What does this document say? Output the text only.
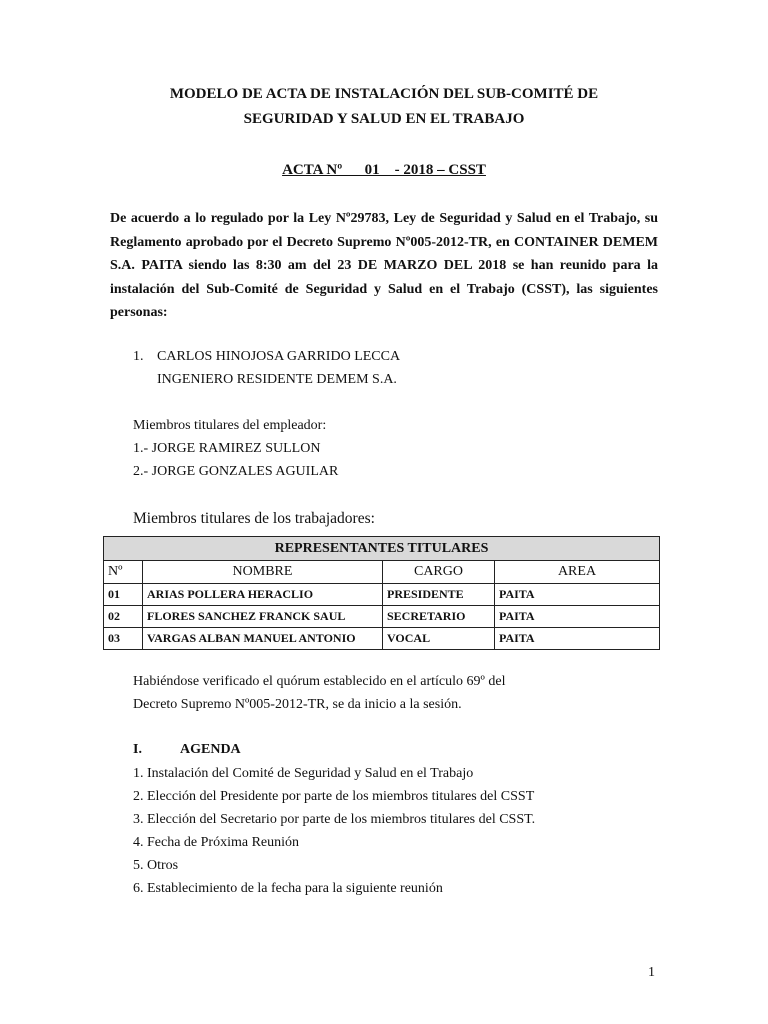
MODELO DE ACTA DE INSTALACIÓN DEL SUB-COMITÉ DE
SEGURIDAD Y SALUD EN EL TRABAJO
ACTA Nº      01    - 2018 – CSST
De acuerdo a lo regulado por la Ley Nº29783, Ley de Seguridad y Salud en el Trabajo, su Reglamento aprobado por el Decreto Supremo Nº005-2012-TR, en CONTAINER DEMEM S.A. PAITA siendo las 8:30 am del 23 DE MARZO DEL 2018 se han reunido para la instalación del Sub-Comité de Seguridad y Salud en el Trabajo (CSST), las siguientes personas:
1. CARLOS HINOJOSA GARRIDO LECCA
INGENIERO RESIDENTE DEMEM S.A.
Miembros titulares del empleador:
1.- JORGE RAMIREZ SULLON
2.- JORGE GONZALES AGUILAR
Miembros titulares de los trabajadores:
REPRESENTANTES TITULARES			
Nº	NOMBRE	CARGO	AREA
01	ARIAS POLLERA HERACLIO	PRESIDENTE	PAITA
02	FLORES SANCHEZ FRANCK SAUL	SECRETARIO	PAITA
03	VARGAS ALBAN MANUEL ANTONIO	VOCAL	PAITA
Habiéndose verificado el quórum establecido en el artículo 69º del
Decreto Supremo Nº005-2012-TR, se da inicio a la sesión.
I.	AGENDA
1. Instalación del Comité de Seguridad y Salud en el Trabajo
2. Elección del Presidente por parte de los miembros titulares del CSST
3. Elección del Secretario por parte de los miembros titulares del CSST.
4. Fecha de Próxima Reunión
5. Otros
6. Establecimiento de la fecha para la siguiente reunión
1
